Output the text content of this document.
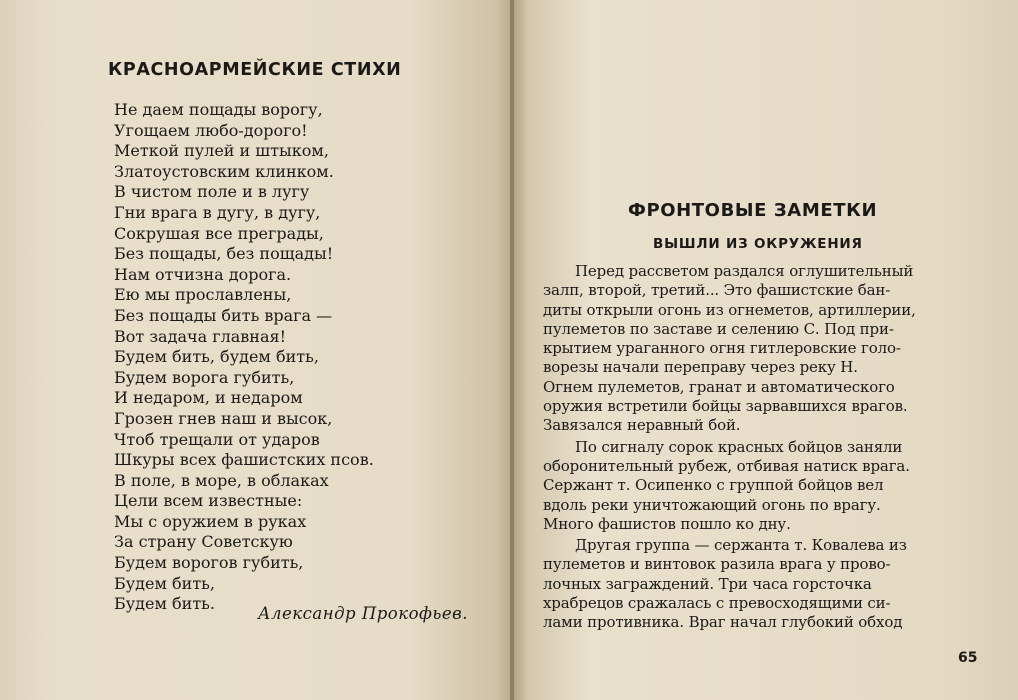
КРАСНОАРМЕЙСКИЕ СТИХИ
Не даем пощады ворогу,
Угощаем любо-дорого!
Меткой пулей и штыком,
Златоустовским клинком.
В чистом поле и в лугу
Гни врага в дугу, в дугу,
Сокрушая все преграды,
Без пощады, без пощады!
Нам отчизна дорога.
Ею мы прославлены,
Без пощады бить врага —
Вот задача главная!
Будем бить, будем бить,
Будем ворога губить,
И недаром, и недаром
Грозен гнев наш и высок,
Чтоб трещали от ударов
Шкуры всех фашистских псов.
В поле, в море, в облаках
Цели всем известные:
Мы с оружием в руках
За страну Советскую
Будем ворогов губить,
Будем бить,
Будем бить.
Александр Прокофьев.
ФРОНТОВЫЕ ЗАМЕТКИ
ВЫШЛИ ИЗ ОКРУЖЕНИЯ
Перед рассветом раздался оглушительный
залп, второй, третий... Это фашистские бан-
диты открыли огонь из огнеметов, артиллерии,
пулеметов по заставе и селению С. Под при-
крытием ураганного огня гитлеровские голо-
ворезы начали переправу через реку Н.
Огнем пулеметов, гранат и автоматического
оружия встретили бойцы зарвавшихся врагов.
Завязался неравный бой.
По сигналу сорок красных бойцов заняли
оборонительный рубеж, отбивая натиск врага.
Сержант т. Осипенко с группой бойцов вел
вдоль реки уничтожающий огонь по врагу.
Много фашистов пошло ко дну.
Другая группа — сержанта т. Ковалева из
пулеметов и винтовок разила врага у прово-
лочных заграждений. Три часа горсточка
храбрецов сражалась с превосходящими си-
лами противника. Враг начал глубокий обход
65
